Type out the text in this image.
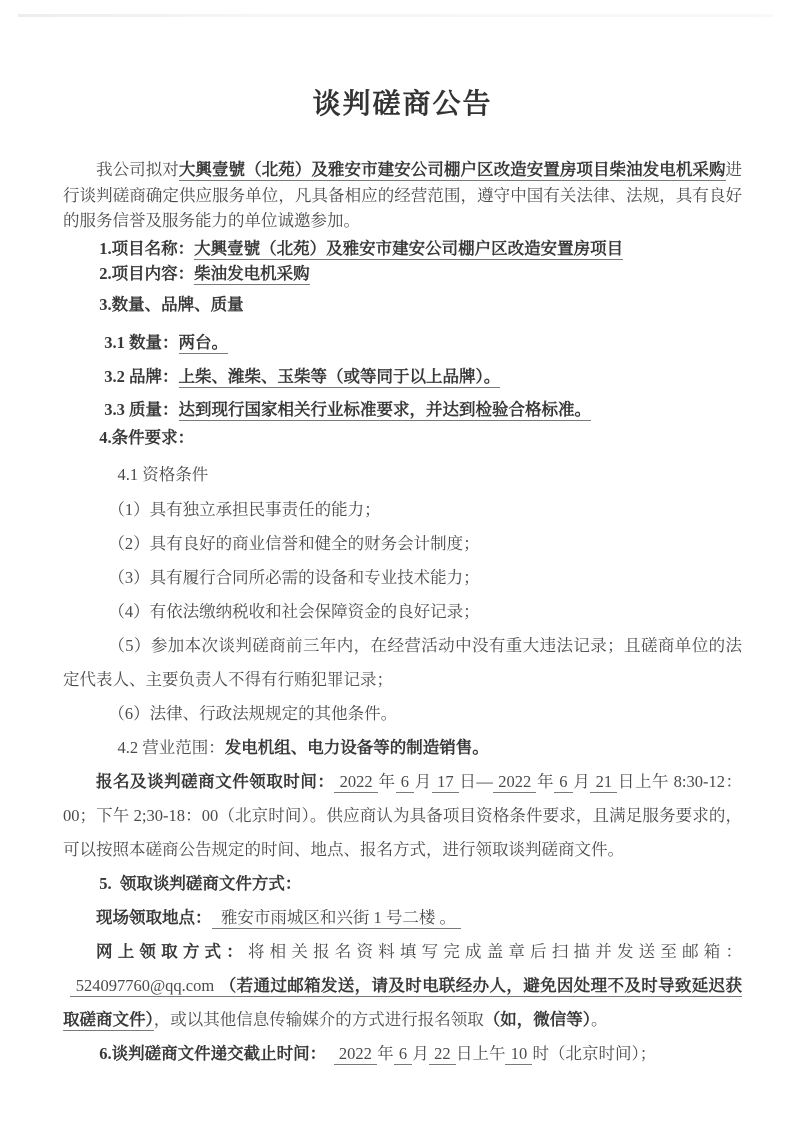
谈判磋商公告

我公司拟对大興壹號（北苑）及雅安市建安公司棚户区改造安置房项目柴油发电机采购进行谈判磋商确定供应服务单位，凡具备相应的经营范围，遵守中国有关法律、法规，具有良好的服务信誉及服务能力的单位诚邀参加。

1.项目名称：大興壹號（北苑）及雅安市建安公司棚户区改造安置房项目

2.项目内容：柴油发电机采购

3.数量、品牌、质量

3.1 数量：两台。

3.2 品牌：上柴、潍柴、玉柴等（或等同于以上品牌）。

3.3 质量：达到现行国家相关行业标准要求，并达到检验合格标准。

4.条件要求：

4.1 资格条件

（1）具有独立承担民事责任的能力；

（2）具有良好的商业信誉和健全的财务会计制度；

（3）具有履行合同所必需的设备和专业技术能力；

（4）有依法缴纳税收和社会保障资金的良好记录；

（5）参加本次谈判磋商前三年内，在经营活动中没有重大违法记录；且磋商单位的法定代表人、主要负责人不得有行贿犯罪记录；

（6）法律、行政法规规定的其他条件。

4.2 营业范围：发电机组、电力设备等的制造销售。

报名及谈判磋商文件领取时间： 2022 年 6 月 17 日— 2022 年 6 月 21 日上午 8:30-12：00；下午 2;30-18：00（北京时间）。供应商认为具备项目资格条件要求，且满足服务要求的，可以按照本磋商公告规定的时间、地点、报名方式，进行领取谈判磋商文件。

5.  领取谈判磋商文件方式：

现场领取地点： 雅安市雨城区和兴街 1 号二楼 。

网上领取方式：将相关报名资料填写完成盖章后扫描并发送至邮箱：524097760@qq.com （若通过邮箱发送，请及时电联经办人，避免因处理不及时导致延迟获取磋商文件），或以其他信息传输媒介的方式进行报名领取（如，微信等）。

6.谈判磋商文件递交截止时间： 2022 年 6 月 22 日上午 10 时（北京时间）；
